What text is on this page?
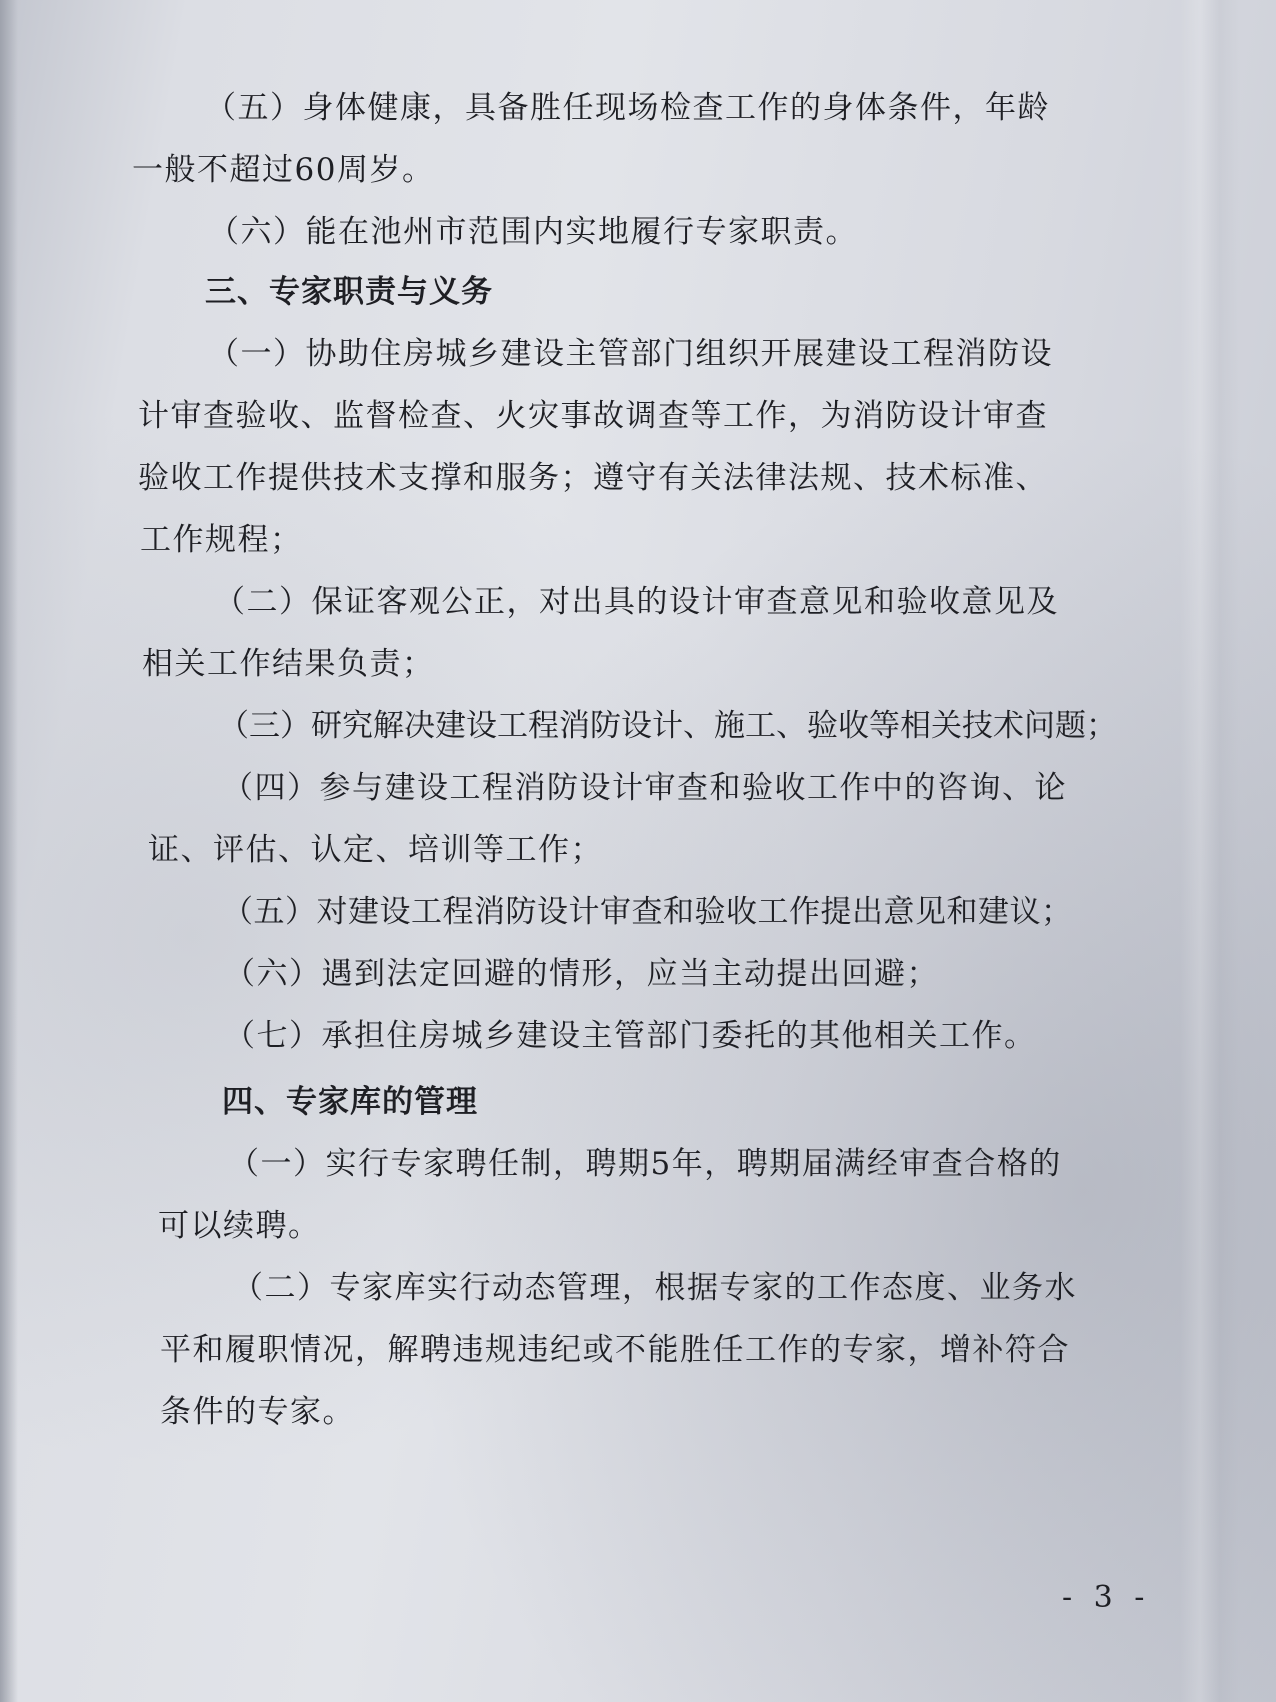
（五）身体健康，具备胜任现场检查工作的身体条件，年龄

一般不超过60周岁。

（六）能在池州市范围内实地履行专家职责。

三、专家职责与义务

（一）协助住房城乡建设主管部门组织开展建设工程消防设

计审查验收、监督检查、火灾事故调查等工作，为消防设计审查

验收工作提供技术支撑和服务；遵守有关法律法规、技术标准、

工作规程；

（二）保证客观公正，对出具的设计审查意见和验收意见及

相关工作结果负责；

（三）研究解决建设工程消防设计、施工、验收等相关技术问题；

（四）参与建设工程消防设计审查和验收工作中的咨询、论

证、评估、认定、培训等工作；

（五）对建设工程消防设计审查和验收工作提出意见和建议；

（六）遇到法定回避的情形，应当主动提出回避；

（七）承担住房城乡建设主管部门委托的其他相关工作。

四、专家库的管理

（一）实行专家聘任制，聘期5年，聘期届满经审查合格的

可以续聘。

（二）专家库实行动态管理，根据专家的工作态度、业务水

平和履职情况，解聘违规违纪或不能胜任工作的专家，增补符合

条件的专家。

- 3 -
